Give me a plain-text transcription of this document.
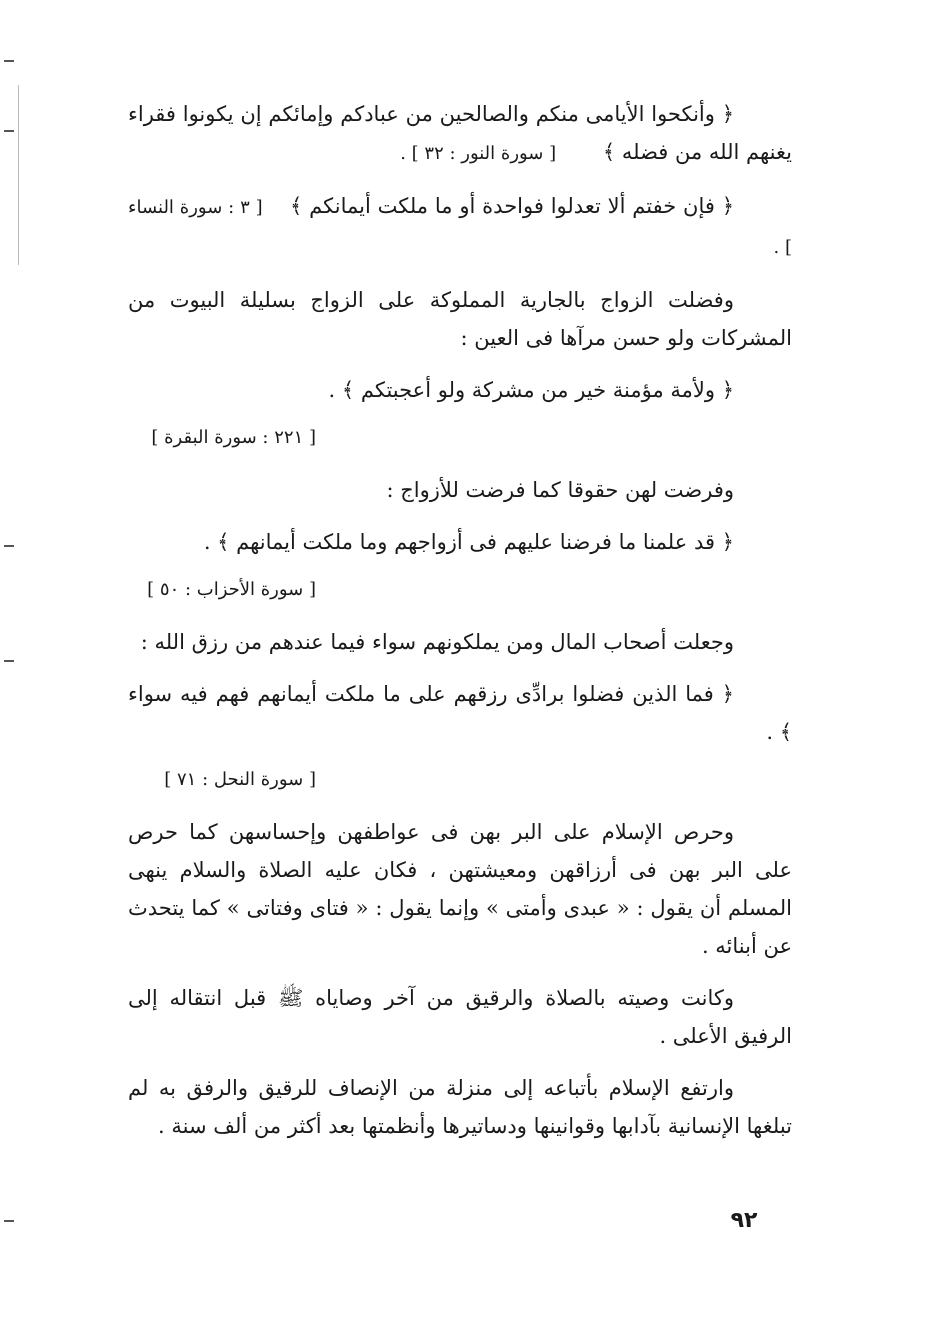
﴿ وأنكحوا الأيامى منكم والصالحين من عبادكم وإمائكم إن يكونوا فقراء يغنهم الله من فضله ﴾       [ سورة النور : ٣٢ ] .

﴿ فإن خفتم ألا تعدلوا فواحدة أو ما ملكت أيمانكم ﴾    [ ٣ : سورة النساء ] .

وفضلت الزواج بالجارية المملوكة على الزواج بسليلة البيوت من المشركات ولو حسن مرآها فى العين :

﴿ ولأمة مؤمنة خير من مشركة ولو أعجبتكم ﴾ .

[ ٢٢١ : سورة البقرة ]

وفرضت لهن حقوقا كما فرضت للأزواج :

﴿ قد علمنا ما فرضنا عليهم فى أزواجهم وما ملكت أيمانهم ﴾ .

[ سورة الأحزاب : ٥٠ ]

وجعلت أصحاب المال ومن يملكونهم سواء فيما عندهم من رزق الله :

﴿ فما الذين فضلوا برادِّى رزقهم على ما ملكت أيمانهم فهم فيه سواء ﴾ .

[ سورة النحل : ٧١ ]

وحرص الإسلام على البر بهن فى عواطفهن وإحساسهن كما حرص على البر بهن فى أرزاقهن ومعيشتهن ، فكان عليه الصلاة والسلام ينهى المسلم أن يقول : « عبدى وأمتى » وإنما يقول : « فتاى وفتاتى » كما يتحدث عن أبنائه .

وكانت وصيته بالصلاة والرقيق من آخر وصاياه ﷺ قبل انتقاله إلى الرفيق الأعلى .

وارتفع الإسلام بأتباعه إلى منزلة من الإنصاف للرقيق والرفق به لم تبلغها الإنسانية بآدابها وقوانينها ودساتيرها وأنظمتها بعد أكثر من ألف سنة .

٩٢
